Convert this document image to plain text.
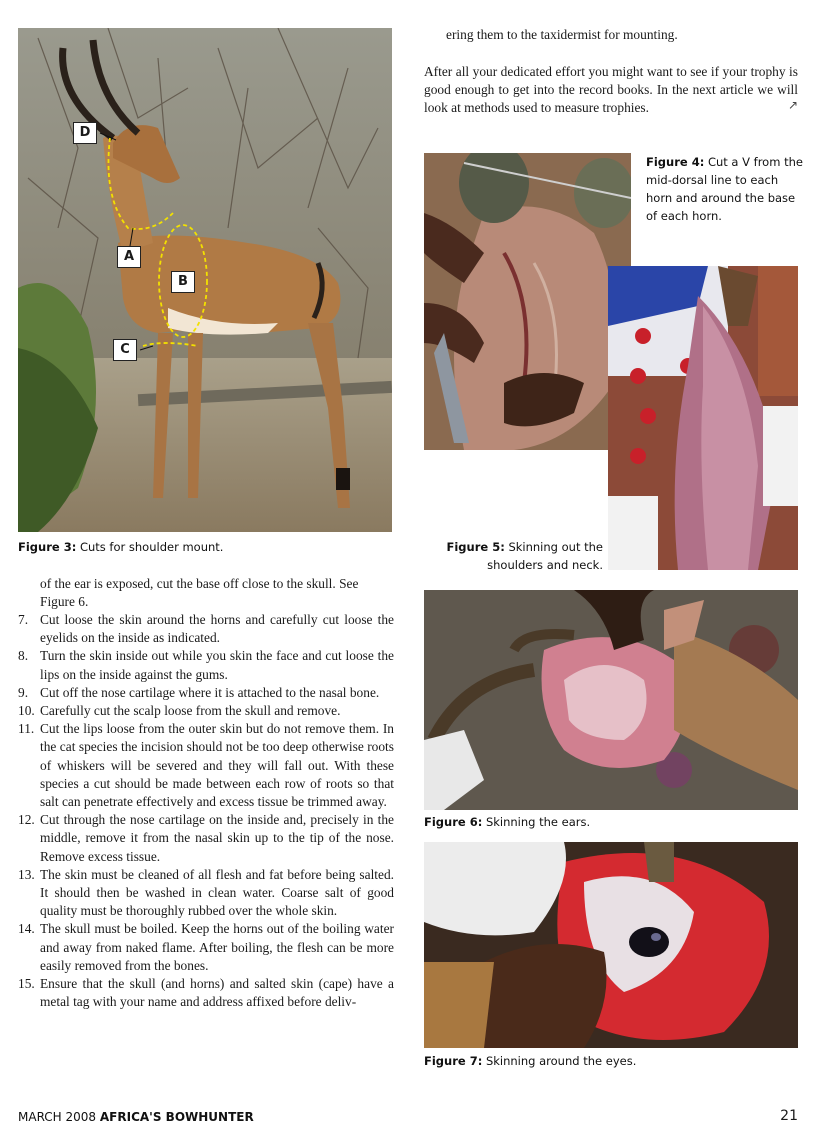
D
A
B
C
Figure 3: Cuts for shoulder mount.
of the ear is exposed, cut the base off close to the skull. See Figure 6.
7. Cut loose the skin around the horns and carefully cut loose the eyelids on the inside as indicated.
8. Turn the skin inside out while you skin the face and cut loose the lips on the inside against the gums.
9. Cut off the nose cartilage where it is attached to the nasal bone.
10. Carefully cut the scalp loose from the skull and remove.
11. Cut the lips loose from the outer skin but do not remove them. In the cat species the incision should not be too deep otherwise roots of whiskers will be severed and they will fall out. With these species a cut should be made between each row of roots so that salt can penetrate effectively and excess tissue be trimmed away.
12. Cut through the nose cartilage on the inside and, precisely in the middle, remove it from the nasal skin up to the tip of the nose. Remove excess tissue.
13. The skin must be cleaned of all flesh and fat before being salted. It should then be washed in clean water. Coarse salt of good quality must be thoroughly rubbed over the whole skin.
14. The skull must be boiled. Keep the horns out of the boiling water and away from naked flame. After boiling, the flesh can be more easily removed from the bones.
15. Ensure that the skull (and horns) and salted skin (cape) have a metal tag with your name and address affixed before deliv-
ering them to the taxidermist for mounting.
After all your dedicated effort you might want to see if your trophy is good enough to get into the record books. In the next article we will look at methods used to measure trophies.	↗
Figure 4: Cut a V from the mid-dorsal line to each horn and around the base of each horn.
Figure 5: Skinning out the shoulders and neck.
Figure 6: Skinning the ears.
Figure 7: Skinning around the eyes.
MARCH 2008 AFRICA'S BOWHUNTER	21
